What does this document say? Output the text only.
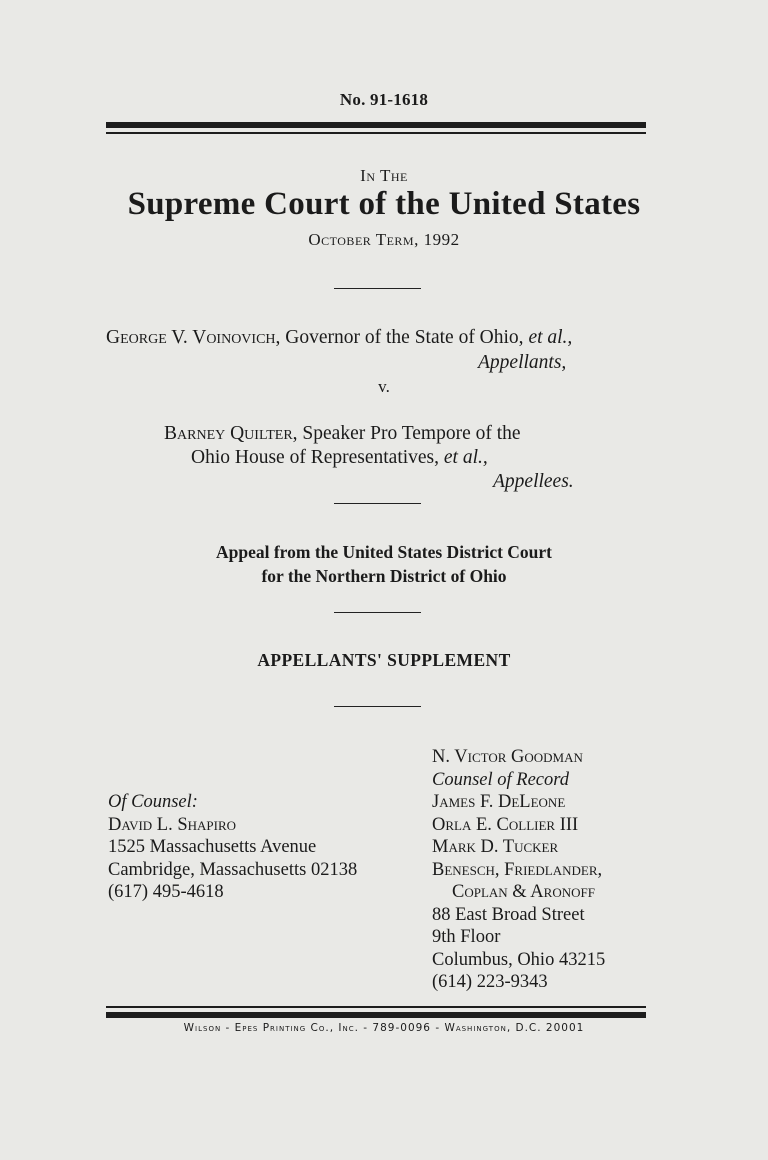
No. 91-1618
In The
Supreme Court of the United States
October Term, 1992
George V. Voinovich, Governor of the State of Ohio, et al.,
Appellants,
v.
Barney Quilter, Speaker Pro Tempore of the
Ohio House of Representatives, et al.,
Appellees.
Appeal from the United States District Court
for the Northern District of Ohio
APPELLANTS' SUPPLEMENT
N. Victor Goodman
Counsel of Record
James F. DeLeone
Orla E. Collier III
Mark D. Tucker
Benesch, Friedlander,
Coplan & Aronoff
88 East Broad Street
9th Floor
Columbus, Ohio 43215
(614) 223-9343
Of Counsel:
David L. Shapiro
1525 Massachusetts Avenue
Cambridge, Massachusetts 02138
(617) 495-4618
Wilson - Epes Printing Co., Inc. - 789-0096 - Washington, D.C. 20001
